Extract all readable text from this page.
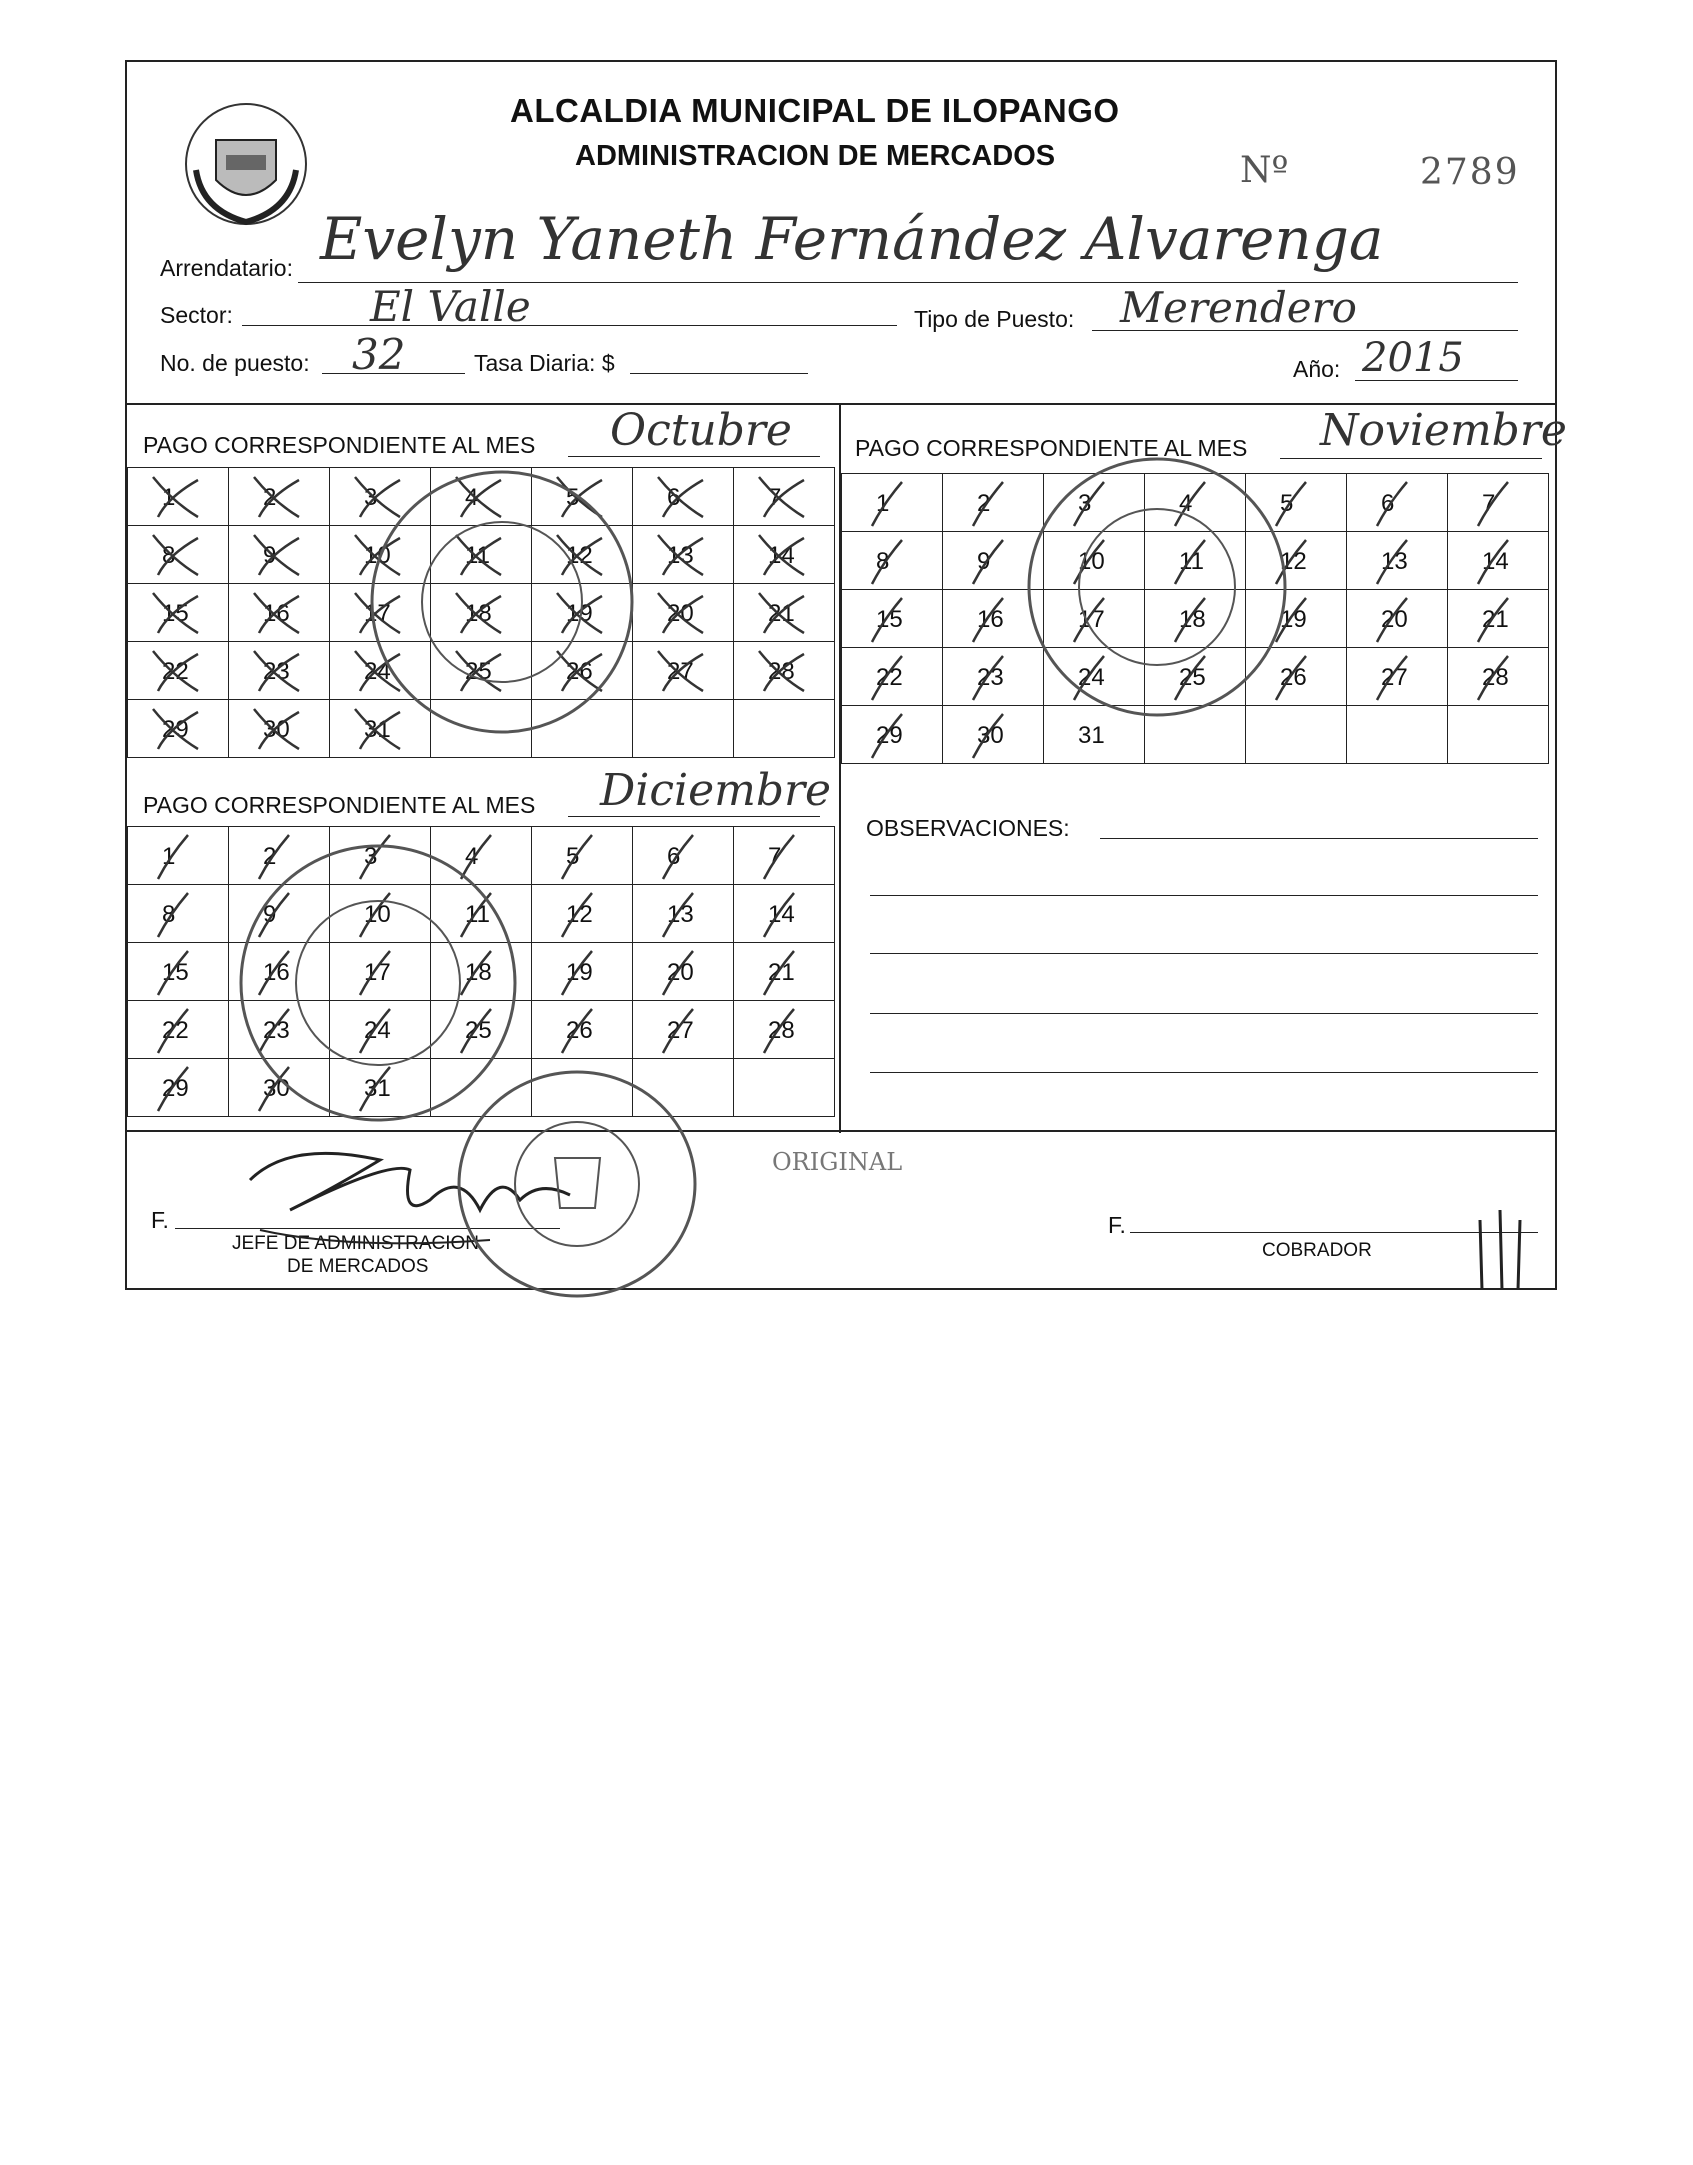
ALCALDIA MUNICIPAL DE ILOPANGO
ADMINISTRACION DE MERCADOS	Nº	2789
Arrendatario: Evelyn Yaneth Fernández Alvarenga
Sector:	El Valle	Tipo de Puesto: Merendero
No. de puesto: 32	Tasa Diaria: $	Año: 2015
PAGO CORRESPONDIENTE AL MES Octubre
1	2	3	4	5	6	7

8	9	10	11	12	13	14

15	16	17	18	19	20	21

22	23	24	25	26	27	28

29	30	31				

PAGO CORRESPONDIENTE AL MES Noviembre
1	2	3	4	5	6	7

8	9	10	11	12	13	14

15	16	17	18	19	20	21

22	23	24	25	26	27	28

29	30	31				

PAGO CORRESPONDIENTE AL MES Diciembre
1	2	3	4	5	6	7

8	9	10	11	12	13	14

15	16	17	18	19	20	21

22	23	24	25	26	27	28

29	30	31				

OBSERVACIONES:
F.
JEFE DE ADMINISTRACION
DE MERCADOS
ORIGINAL
F.
COBRADOR
